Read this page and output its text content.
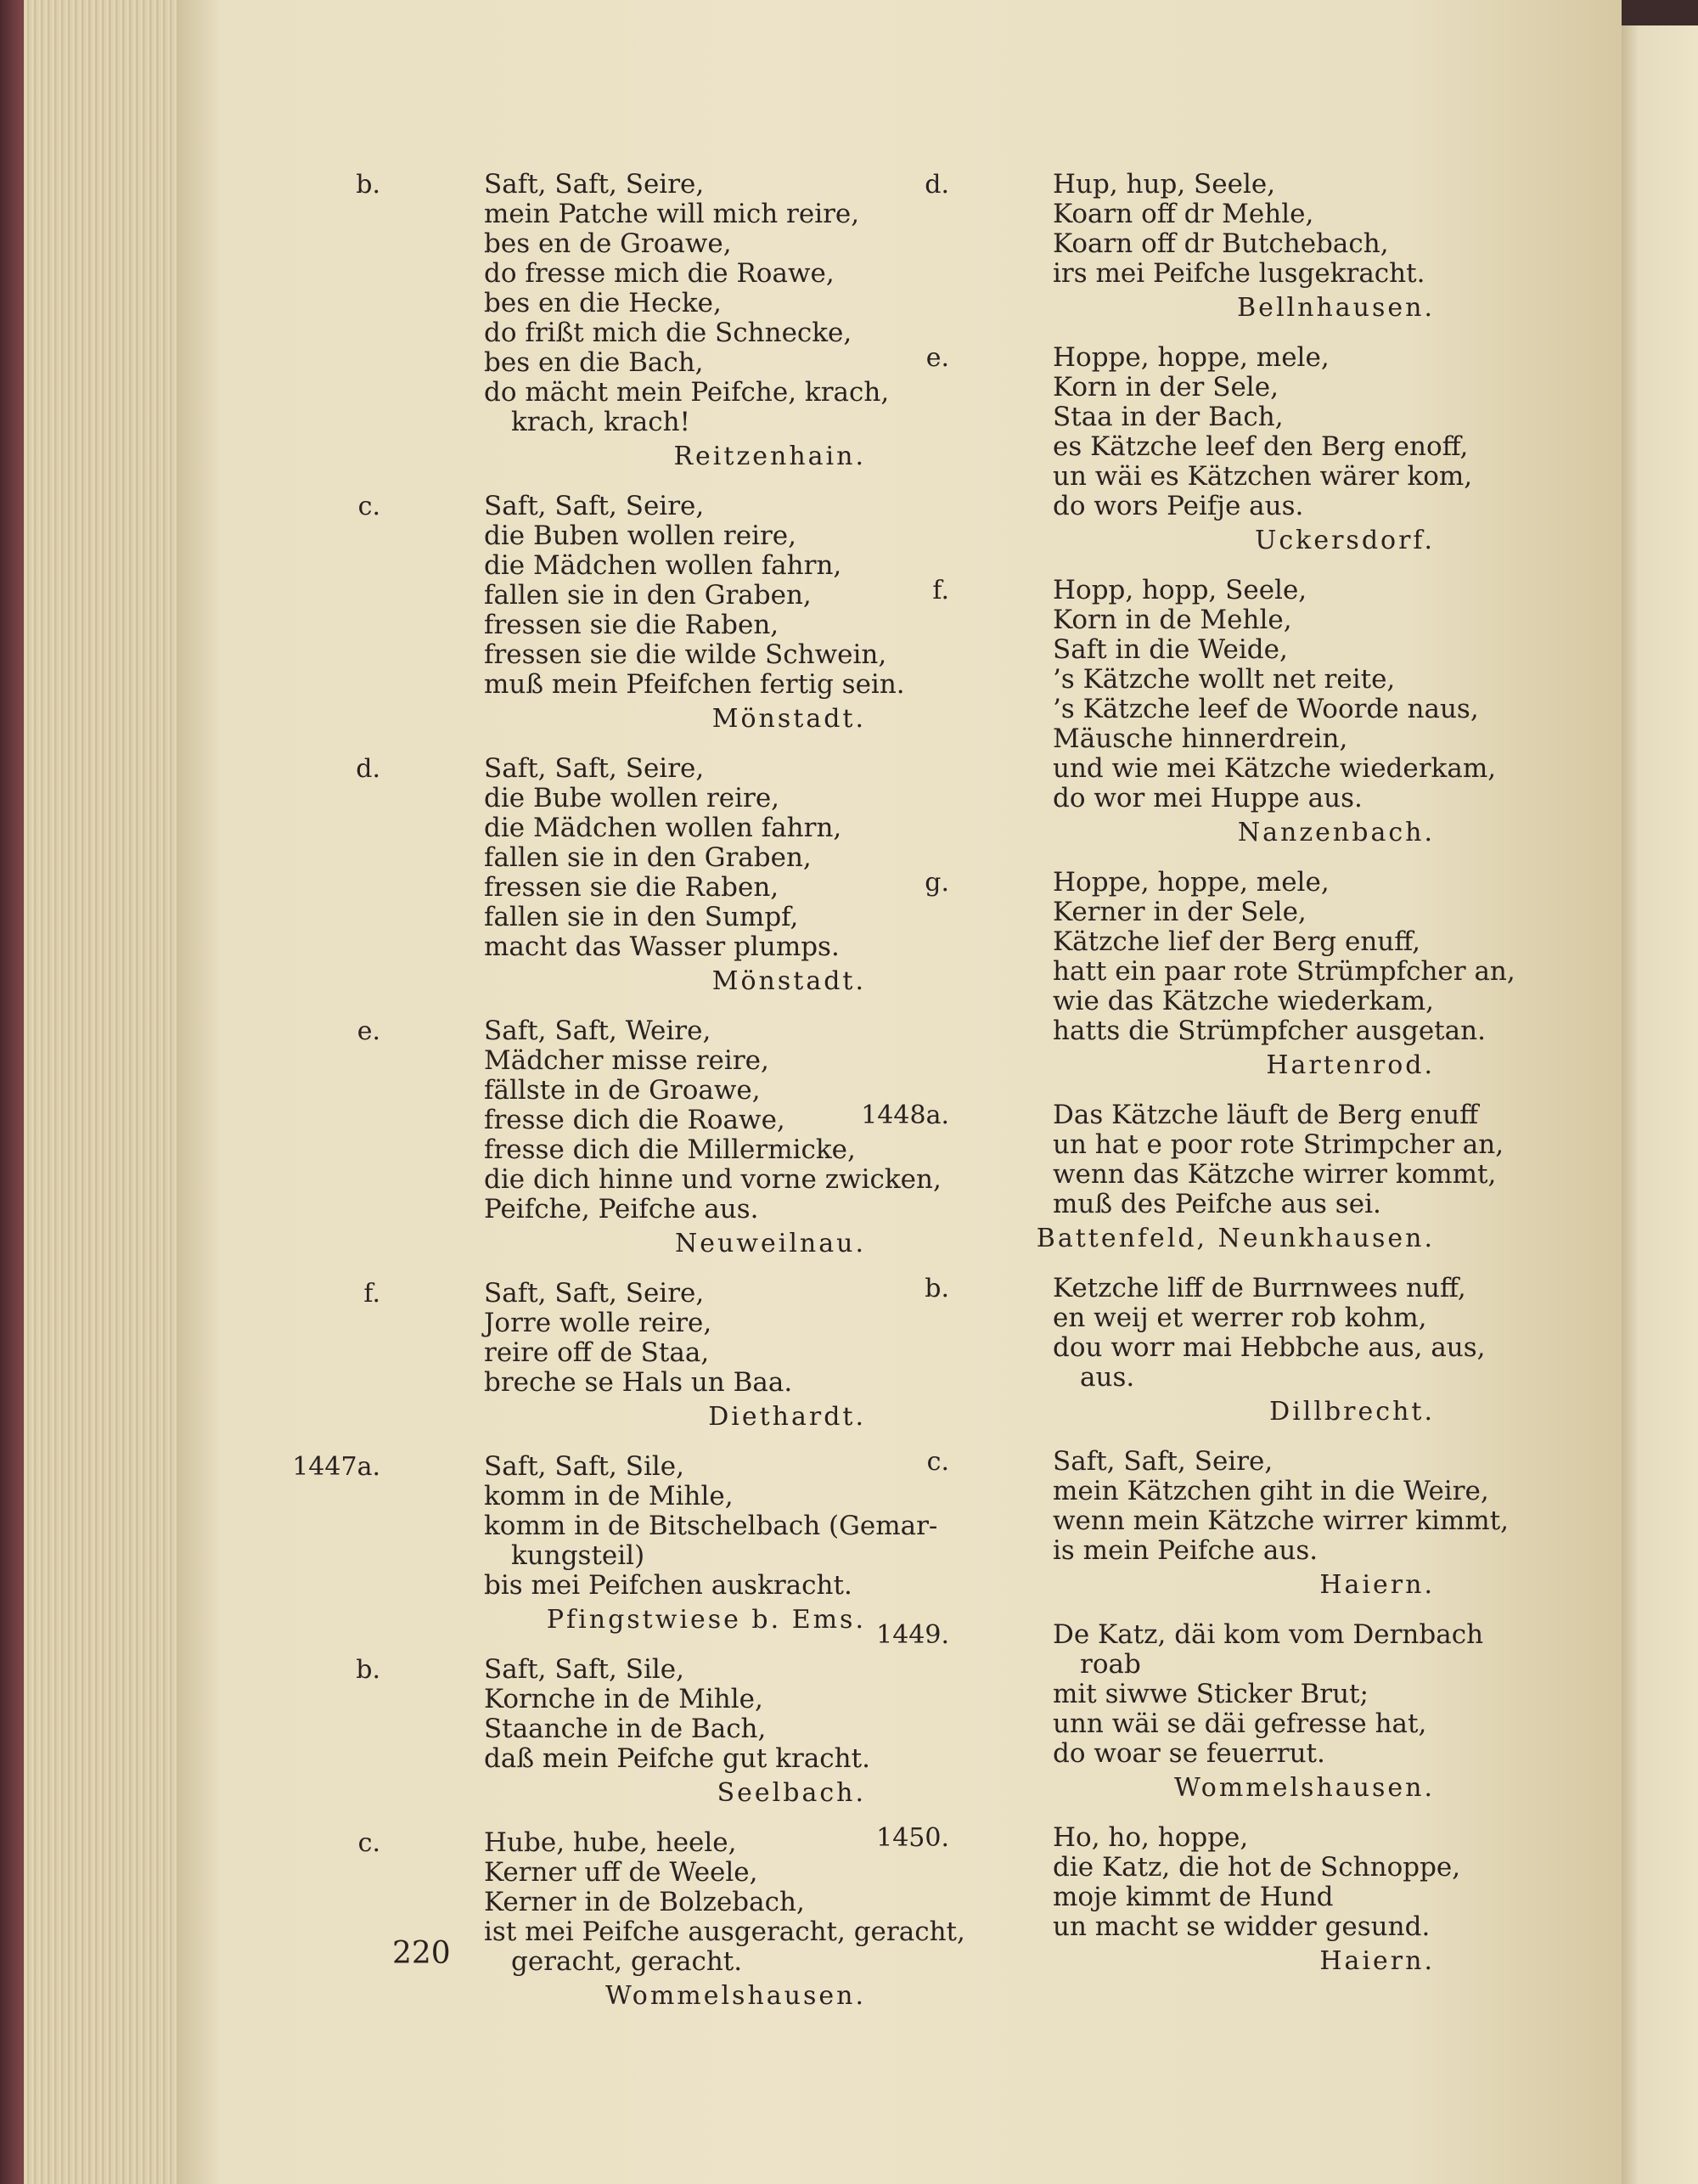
b.	Saft, Saft, Seire,
mein Patche will mich reire,
bes en de Groawe,
do fresse mich die Roawe,
bes en die Hecke,
do frißt mich die Schnecke,
bes en die Bach,
do mächt mein Peifche, krach,
krach, krach!
Reitzenhain.
c.	Saft, Saft, Seire,
die Buben wollen reire,
die Mädchen wollen fahrn,
fallen sie in den Graben,
fressen sie die Raben,
fressen sie die wilde Schwein,
muß mein Pfeifchen fertig sein.
Mönstadt.
d.	Saft, Saft, Seire,
die Bube wollen reire,
die Mädchen wollen fahrn,
fallen sie in den Graben,
fressen sie die Raben,
fallen sie in den Sumpf,
macht das Wasser plumps.
Mönstadt.
e.	Saft, Saft, Weire,
Mädcher misse reire,
fällste in de Groawe,
fresse dich die Roawe,
fresse dich die Millermicke,
die dich hinne und vorne zwicken,
Peifche, Peifche aus.
Neuweilnau.
f.	Saft, Saft, Seire,
Jorre wolle reire,
reire off de Staa,
breche se Hals un Baa.
Diethardt.
1447a.	Saft, Saft, Sile,
komm in de Mihle,
komm in de Bitschelbach (Gemar-
kungsteil)
bis mei Peifchen auskracht.
Pfingstwiese b. Ems.
b.	Saft, Saft, Sile,
Kornche in de Mihle,
Staanche in de Bach,
daß mein Peifche gut kracht.
Seelbach.
c.	Hube, hube, heele,
Kerner uff de Weele,
Kerner in de Bolzebach,
ist mei Peifche ausgeracht, geracht,
geracht, geracht.
Wommelshausen.
d.	Hup, hup, Seele,
Koarn off dr Mehle,
Koarn off dr Butchebach,
irs mei Peifche lusgekracht.
Bellnhausen.
e.	Hoppe, hoppe, mele,
Korn in der Sele,
Staa in der Bach,
es Kätzche leef den Berg enoff,
un wäi es Kätzchen wärer kom,
do wors Peifje aus.
Uckersdorf.
f.	Hopp, hopp, Seele,
Korn in de Mehle,
Saft in die Weide,
’s Kätzche wollt net reite,
’s Kätzche leef de Woorde naus,
Mäusche hinnerdrein,
und wie mei Kätzche wiederkam,
do wor mei Huppe aus.
Nanzenbach.
g.	Hoppe, hoppe, mele,
Kerner in der Sele,
Kätzche lief der Berg enuff,
hatt ein paar rote Strümpfcher an,
wie das Kätzche wiederkam,
hatts die Strümpfcher ausgetan.
Hartenrod.
1448a.	Das Kätzche läuft de Berg enuff
un hat e poor rote Strimpcher an,
wenn das Kätzche wirrer kommt,
muß des Peifche aus sei.
Battenfeld, Neunkhausen.
b.	Ketzche liff de Burrnwees nuff,
en weij et werrer rob kohm,
dou worr mai Hebbche aus, aus,
aus.
Dillbrecht.
c.	Saft, Saft, Seire,
mein Kätzchen giht in die Weire,
wenn mein Kätzche wirrer kimmt,
is mein Peifche aus.
Haiern.
1449.	De Katz, däi kom vom Dernbach
roab
mit siwwe Sticker Brut;
unn wäi se däi gefresse hat,
do woar se feuerrut.
Wommelshausen.
1450.	Ho, ho, hoppe,
die Katz, die hot de Schnoppe,
moje kimmt de Hund
un macht se widder gesund.
Haiern.
220
